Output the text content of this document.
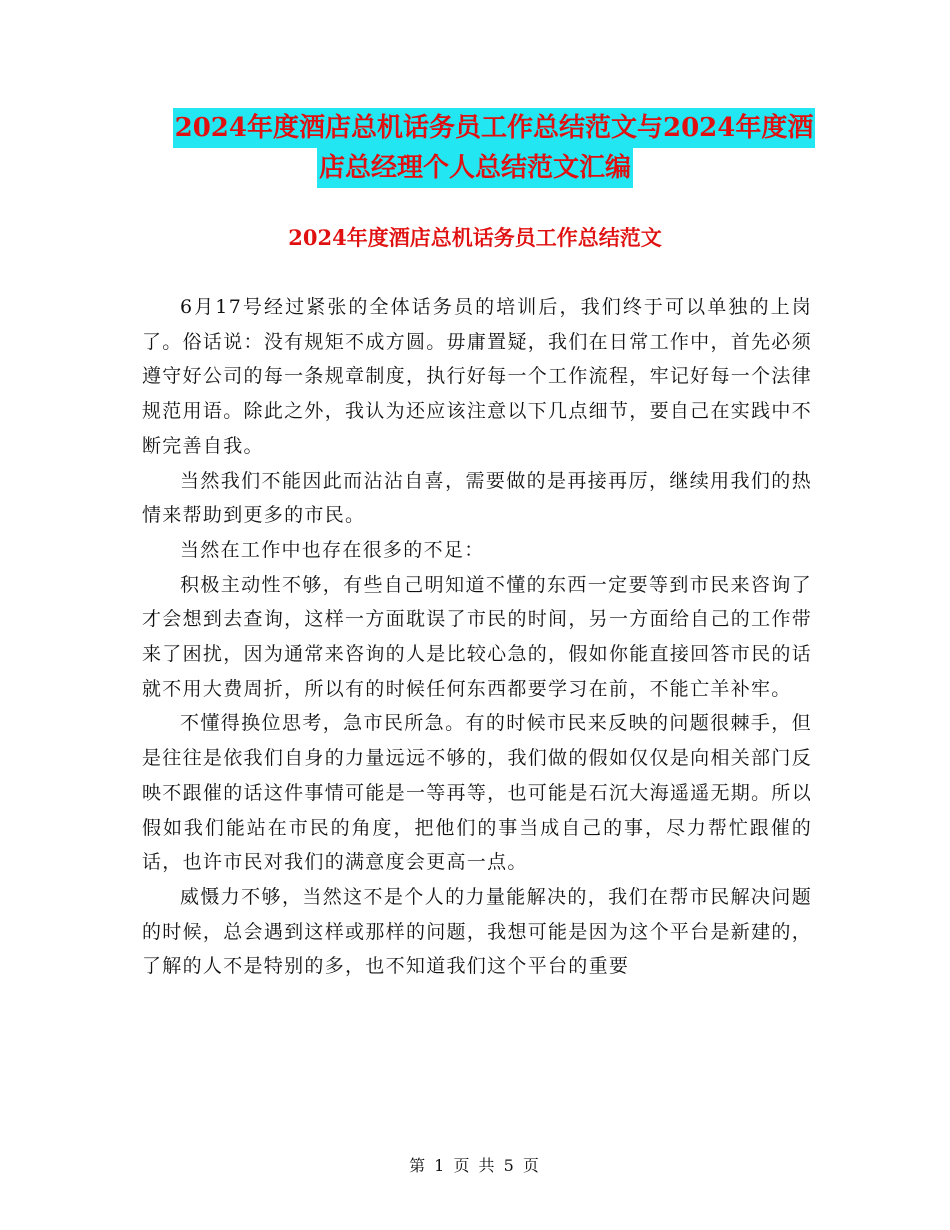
2024年度酒店总机话务员工作总结范文与2024年度酒
店总经理个人总结范文汇编
2024年度酒店总机话务员工作总结范文

6月17号经过紧张的全体话务员的培训后，我们终于可以单独的上岗了。俗话说：没有规矩不成方圆。毋庸置疑，我们在日常工作中，首先必须遵守好公司的每一条规章制度，执行好每一个工作流程，牢记好每一个法律规范用语。除此之外，我认为还应该注意以下几点细节，要自己在实践中不断完善自我。

当然我们不能因此而沾沾自喜，需要做的是再接再厉，继续用我们的热情来帮助到更多的市民。

当然在工作中也存在很多的不足：

积极主动性不够，有些自己明知道不懂的东西一定要等到市民来咨询了才会想到去查询，这样一方面耽误了市民的时间，另一方面给自己的工作带来了困扰，因为通常来咨询的人是比较心急的，假如你能直接回答市民的话就不用大费周折，所以有的时候任何东西都要学习在前，不能亡羊补牢。

不懂得换位思考，急市民所急。有的时候市民来反映的问题很棘手，但是往往是依我们自身的力量远远不够的，我们做的假如仅仅是向相关部门反映不跟催的话这件事情可能是一等再等，也可能是石沉大海遥遥无期。所以假如我们能站在市民的角度，把他们的事当成自己的事，尽力帮忙跟催的话，也许市民对我们的满意度会更高一点。

威慑力不够，当然这不是个人的力量能解决的，我们在帮市民解决问题的时候，总会遇到这样或那样的问题，我想可能是因为这个平台是新建的，了解的人不是特别的多，也不知道我们这个平台的重要

第 1 页 共 5 页
